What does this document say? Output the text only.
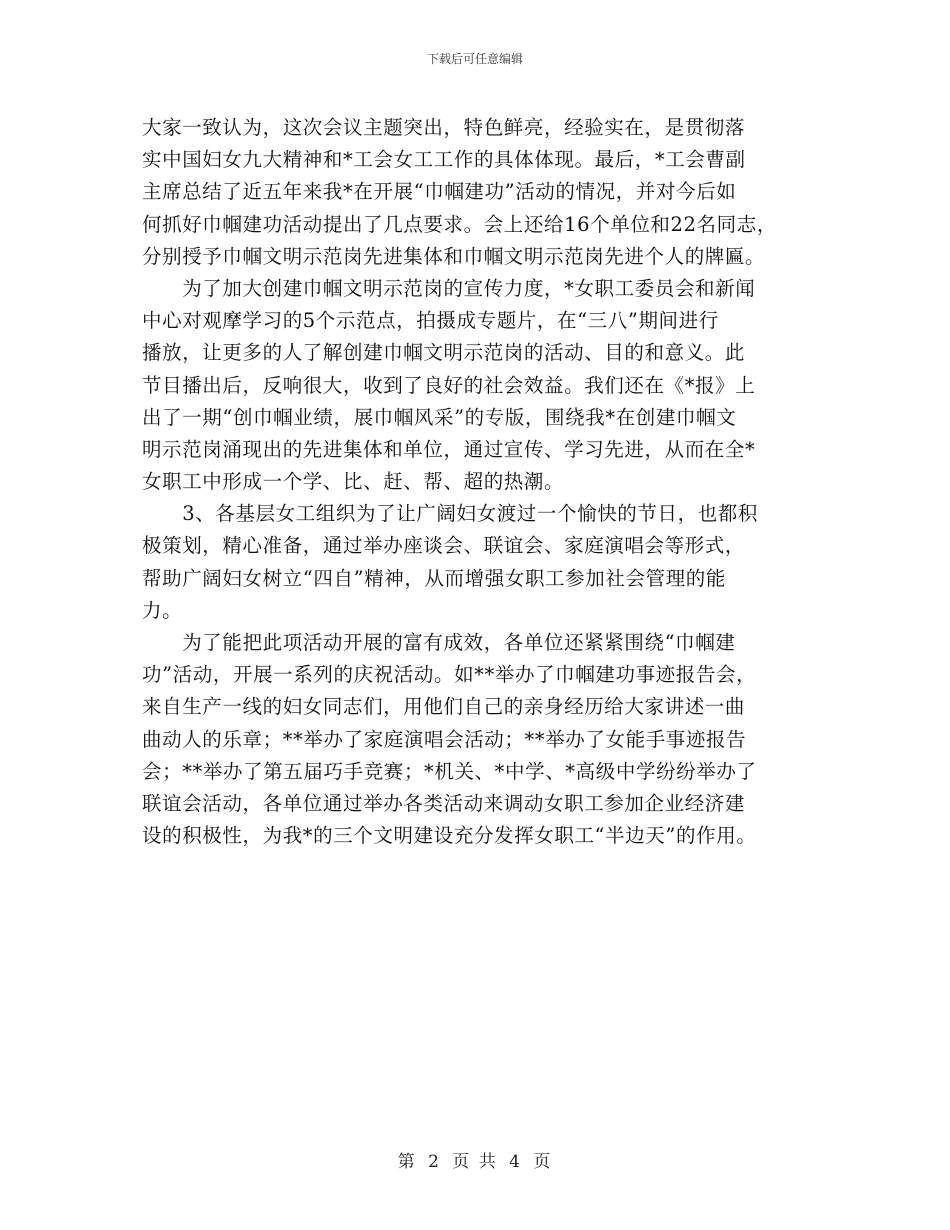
下载后可任意编辑
大家一致认为，这次会议主题突出，特色鲜亮，经验实在，是贯彻落
实中国妇女九大精神和*工会女工工作的具体体现。最后，*工会曹副
主席总结了近五年来我*在开展“巾帼建功”活动的情况，并对今后如
何抓好巾帼建功活动提出了几点要求。会上还给16个单位和22名同志，
分别授予巾帼文明示范岗先进集体和巾帼文明示范岗先进个人的牌匾。
　　为了加大创建巾帼文明示范岗的宣传力度，*女职工委员会和新闻
中心对观摩学习的5个示范点，拍摄成专题片，在“三八”期间进行
播放，让更多的人了解创建巾帼文明示范岗的活动、目的和意义。此
节目播出后，反响很大，收到了良好的社会效益。我们还在《*报》上
出了一期“创巾帼业绩，展巾帼风采”的专版，围绕我*在创建巾帼文
明示范岗涌现出的先进集体和单位，通过宣传、学习先进，从而在全*
女职工中形成一个学、比、赶、帮、超的热潮。
　　3、各基层女工组织为了让广阔妇女渡过一个愉快的节日，也都积
极策划，精心准备，通过举办座谈会、联谊会、家庭演唱会等形式，
帮助广阔妇女树立“四自”精神，从而增强女职工参加社会管理的能
力。
　　为了能把此项活动开展的富有成效，各单位还紧紧围绕“巾帼建
功”活动，开展一系列的庆祝活动。如**举办了巾帼建功事迹报告会，
来自生产一线的妇女同志们，用他们自己的亲身经历给大家讲述一曲
曲动人的乐章；**举办了家庭演唱会活动；**举办了女能手事迹报告
会；**举办了第五届巧手竞赛；*机关、*中学、*高级中学纷纷举办了
联谊会活动，各单位通过举办各类活动来调动女职工参加企业经济建
设的积极性，为我*的三个文明建设充分发挥女职工“半边天”的作用。
第 2 页 共 4 页
